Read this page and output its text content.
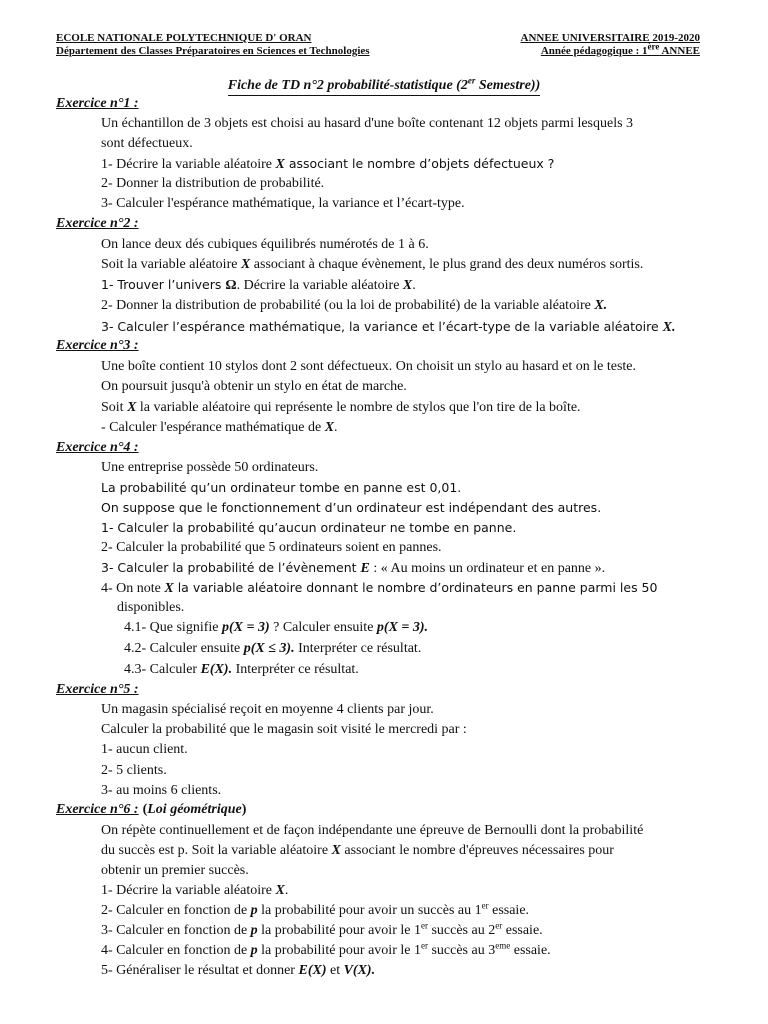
ECOLE NATIONALE POLYTECHNIQUE D' ORAN	ANNEE UNIVERSITAIRE 2019-2020
Département des Classes Préparatoires en Sciences et Technologies	Année pédagogique : 1ère ANNEE
Fiche de TD n°2 probabilité-statistique (2er Semestre))
Exercice n°1 :
Un échantillon de 3 objets est choisi au hasard d'une boîte contenant 12 objets parmi lesquels 3
sont défectueux.
1- Décrire la variable aléatoire X associant le nombre d’objets défectueux ?
2- Donner la distribution de probabilité.
3- Calculer l'espérance mathématique, la variance et l’écart-type.
Exercice n°2 :
On lance deux dés cubiques équilibrés numérotés de 1 à 6.
Soit la variable aléatoire X associant à chaque évènement, le plus grand des deux numéros sortis.
1- Trouver l’univers Ω. Décrire la variable aléatoire X.
2- Donner la distribution de probabilité (ou la loi de probabilité) de la variable aléatoire X.
3- Calculer l’espérance mathématique, la variance et l’écart-type de la variable aléatoire X.
Exercice n°3 :
Une boîte contient 10 stylos dont 2 sont défectueux. On choisit un stylo au hasard et on le teste.
On poursuit jusqu'à obtenir un stylo en état de marche.
Soit X la variable aléatoire qui représente le nombre de stylos que l'on tire de la boîte.
- Calculer l'espérance mathématique de X.
Exercice n°4 :
Une entreprise possède 50 ordinateurs.
La probabilité qu’un ordinateur tombe en panne est 0,01.
On suppose que le fonctionnement d’un ordinateur est indépendant des autres.
1- Calculer la probabilité qu’aucun ordinateur ne tombe en panne.
2- Calculer la probabilité que 5 ordinateurs soient en pannes.
3- Calculer la probabilité de l’évènement E : « Au moins un ordinateur et en panne ».
4- On note X la variable aléatoire donnant le nombre d’ordinateurs en panne parmi les 50
disponibles.
4.1- Que signifie p(X = 3) ? Calculer ensuite p(X = 3).
4.2- Calculer ensuite p(X ≤ 3). Interpréter ce résultat.
4.3- Calculer E(X). Interpréter ce résultat.
Exercice n°5 :
Un magasin spécialisé reçoit en moyenne 4 clients par jour.
Calculer la probabilité que le magasin soit visité le mercredi par :
1- aucun client.
2- 5 clients.
3- au moins 6 clients.
Exercice n°6 :(Loi géométrique)
On répète continuellement et de façon indépendante une épreuve de Bernoulli dont la probabilité
du succès est p. Soit la variable aléatoire X associant le nombre d'épreuves nécessaires pour
obtenir un premier succès.
1- Décrire la variable aléatoire X.
2- Calculer en fonction de p la probabilité pour avoir un succès au 1er essaie.
3- Calculer en fonction de p la probabilité pour avoir le 1er succès au 2er essaie.
4- Calculer en fonction de p la probabilité pour avoir le 1er succès au 3eme essaie.
5- Généraliser le résultat et donner E(X) et V(X).
